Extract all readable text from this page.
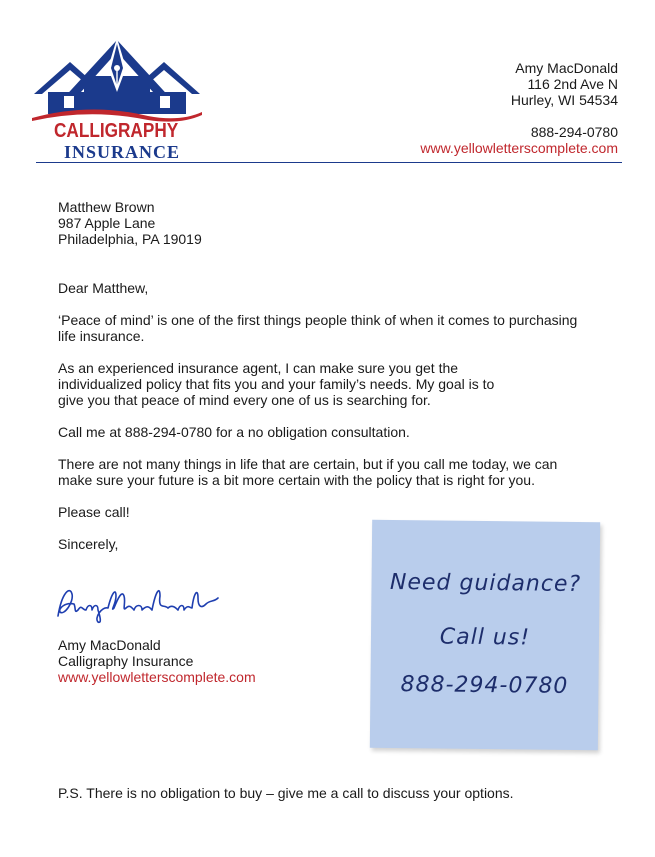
CALLIGRAPHY
INSURANCE
Amy MacDonald
116 2nd Ave N
Hurley, WI 54534
888-294-0780
www.yellowletterscomplete.com
Matthew Brown
987 Apple Lane
Philadelphia, PA 19019

Dear Matthew,

‘Peace of mind’ is one of the first things people think of when it comes to purchasing life insurance.

As an experienced insurance agent, I can make sure you get the individualized policy that fits you and your family’s needs. My goal is to give you that peace of mind every one of us is searching for.

Call me at 888-294-0780 for a no obligation consultation.

There are not many things in life that are certain, but if you call me today, we can make sure your future is a bit more certain with the policy that is right for you.

Please call!

Sincerely,

Amy MacDonald
Calligraphy Insurance
www.yellowletterscomplete.com
Need guidance?
Call us!
888-294-0780
P.S. There is no obligation to buy – give me a call to discuss your options.
